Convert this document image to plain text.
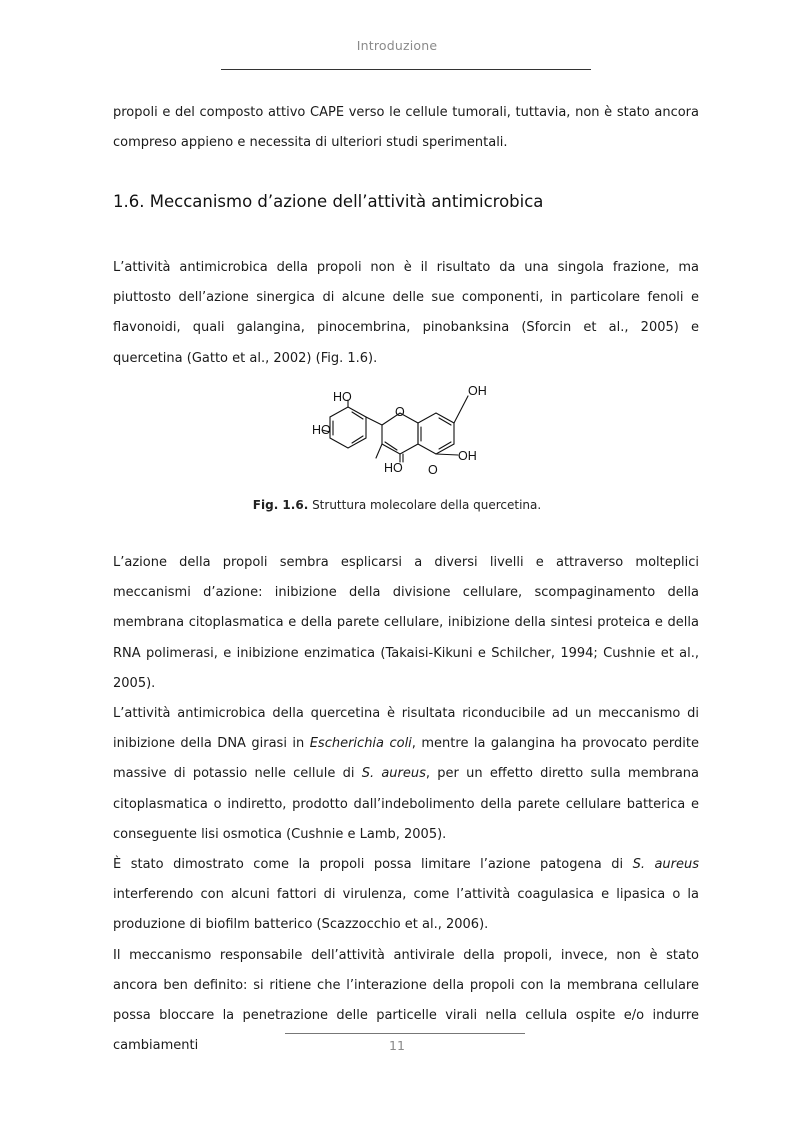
Introduzione

propoli e del composto attivo CAPE verso le cellule tumorali, tuttavia, non è stato ancora compreso appieno e necessita di ulteriori studi sperimentali.

1.6. Meccanismo d’azione dell’attività antimicrobica

L’attività antimicrobica della propoli non è il risultato da una singola frazione, ma piuttosto dell’azione sinergica di alcune delle sue componenti, in particolare fenoli e flavonoidi, quali galangina, pinocembrina, pinobanksina (Sforcin et al., 2005) e quercetina (Gatto et al., 2002) (Fig. 1.6).

HO
HO
O
OH
HO O
OH
Fig. 1.6. Struttura molecolare della quercetina.

L’azione della propoli sembra esplicarsi a diversi livelli e attraverso molteplici meccanismi d’azione: inibizione della divisione cellulare, scompaginamento della membrana citoplasmatica e della parete cellulare, inibizione della sintesi proteica e della RNA polimerasi, e inibizione enzimatica (Takaisi-Kikuni e Schilcher, 1994; Cushnie et al., 2005).

L’attività antimicrobica della quercetina è risultata riconducibile ad un meccanismo di inibizione della DNA girasi in Escherichia coli, mentre la galangina ha provocato perdite massive di potassio nelle cellule di S. aureus, per un effetto diretto sulla membrana citoplasmatica o indiretto, prodotto dall’indebolimento della parete cellulare batterica e conseguente lisi osmotica (Cushnie e Lamb, 2005).

È stato dimostrato come la propoli possa limitare l’azione patogena di S. aureus interferendo con alcuni fattori di virulenza, come l’attività coagulasica e lipasica o la produzione di biofilm batterico (Scazzocchio et al., 2006).

Il meccanismo responsabile dell’attività antivirale della propoli, invece, non è stato ancora ben definito: si ritiene che l’interazione della propoli con la membrana cellulare possa bloccare la penetrazione delle particelle virali nella cellula ospite e/o indurre cambiamenti	11
